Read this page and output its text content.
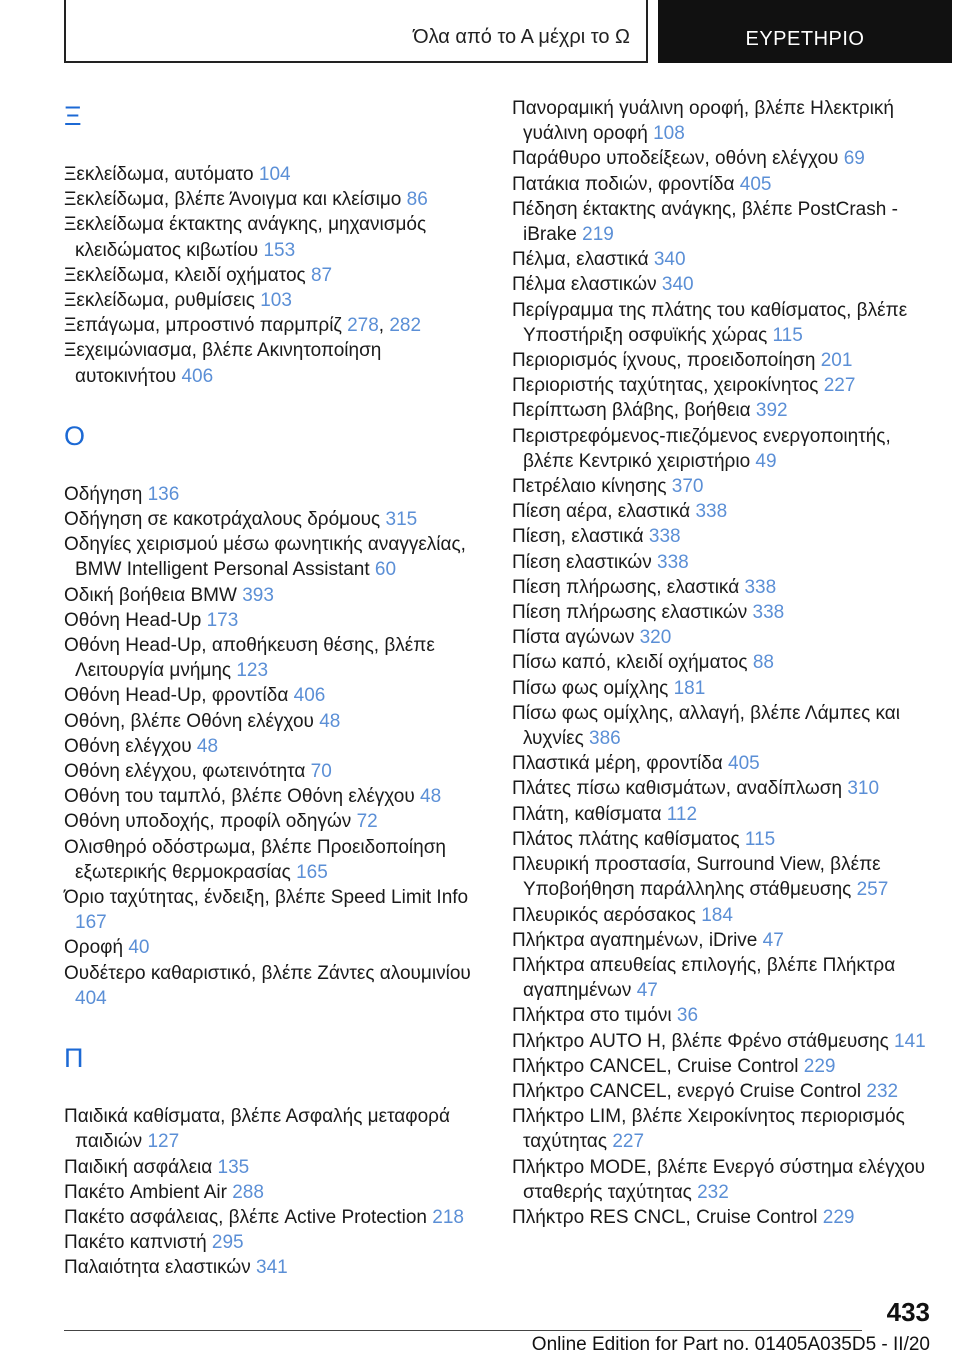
Όλα από το Α μέχρι το Ω	ΕΥΡΕΤΗΡΙΟ
Ξ
Ξεκλείδωμα, αυτόματο 104
Ξεκλείδωμα, βλέπε Άνοιγμα και κλείσιμο 86
Ξεκλείδωμα έκτακτης ανάγκης, μηχανισμός κλειδώματος κιβωτίου 153
Ξεκλείδωμα, κλειδί οχήματος 87
Ξεκλείδωμα, ρυθμίσεις 103
Ξεπάγωμα, μπροστινό παρμπρίζ 278, 282
Ξεχειμώνιασμα, βλέπε Ακινητοποίηση αυτοκινήτου 406
Ο
Οδήγηση 136
Οδήγηση σε κακοτράχαλους δρόμους 315
Οδηγίες χειρισμού μέσω φωνητικής αναγγελίας, BMW Intelligent Personal Assistant 60
Οδική βοήθεια BMW 393
Οθόνη Head-Up 173
Οθόνη Head-Up, αποθήκευση θέσης, βλέπε Λειτουργία μνήμης 123
Οθόνη Head-Up, φροντίδα 406
Οθόνη, βλέπε Οθόνη ελέγχου 48
Οθόνη ελέγχου 48
Οθόνη ελέγχου, φωτεινότητα 70
Οθόνη του ταμπλό, βλέπε Οθόνη ελέγχου 48
Οθόνη υποδοχής, προφίλ οδηγών 72
Ολισθηρό οδόστρωμα, βλέπε Προειδοποίηση εξωτερικής θερμοκρασίας 165
Όριο ταχύτητας, ένδειξη, βλέπε Speed Limit Info 167
Οροφή 40
Ουδέτερο καθαριστικό, βλέπε Ζάντες αλουμινίου 404
Π
Παιδικά καθίσματα, βλέπε Ασφαλής μεταφορά παιδιών 127
Παιδική ασφάλεια 135
Πακέτο Ambient Air 288
Πακέτο ασφάλειας, βλέπε Active Protection 218
Πακέτο καπνιστή 295
Παλαιότητα ελαστικών 341
Πανοραμική γυάλινη οροφή, βλέπε Ηλεκτρική γυάλινη οροφή 108
Παράθυρο υποδείξεων, οθόνη ελέγχου 69
Πατάκια ποδιών, φροντίδα 405
Πέδηση έκτακτης ανάγκης, βλέπε PostCrash - iBrake 219
Πέλμα, ελαστικά 340
Πέλμα ελαστικών 340
Περίγραμμα της πλάτης του καθίσματος, βλέπε Υποστήριξη οσφυϊκής χώρας 115
Περιορισμός ίχνους, προειδοποίηση 201
Περιοριστής ταχύτητας, χειροκίνητος 227
Περίπτωση βλάβης, βοήθεια 392
Περιστρεφόμενος-πιεζόμενος ενεργοποιητής, βλέπε Κεντρικό χειριστήριο 49
Πετρέλαιο κίνησης 370
Πίεση αέρα, ελαστικά 338
Πίεση, ελαστικά 338
Πίεση ελαστικών 338
Πίεση πλήρωσης, ελαστικά 338
Πίεση πλήρωσης ελαστικών 338
Πίστα αγώνων 320
Πίσω καπό, κλειδί οχήματος 88
Πίσω φως ομίχλης 181
Πίσω φως ομίχλης, αλλαγή, βλέπε Λάμπες και λυχνίες 386
Πλαστικά μέρη, φροντίδα 405
Πλάτες πίσω καθισμάτων, αναδίπλωση 310
Πλάτη, καθίσματα 112
Πλάτος πλάτης καθίσματος 115
Πλευρική προστασία, Surround View, βλέπε Υποβοήθηση παράλληλης στάθμευσης 257
Πλευρικός αερόσακος 184
Πλήκτρα αγαπημένων, iDrive 47
Πλήκτρα απευθείας επιλογής, βλέπε Πλήκτρα αγαπημένων 47
Πλήκτρα στο τιμόνι 36
Πλήκτρο AUTO H, βλέπε Φρένο στάθμευσης 141
Πλήκτρο CANCEL, Cruise Control 229
Πλήκτρο CANCEL, ενεργό Cruise Control 232
Πλήκτρο LIM, βλέπε Χειροκίνητος περιορισμός ταχύτητας 227
Πλήκτρο MODE, βλέπε Ενεργό σύστημα ελέγχου σταθερής ταχύτητας 232
Πλήκτρο RES CNCL, Cruise Control 229
433
Online Edition for Part no. 01405A035D5 - II/20
